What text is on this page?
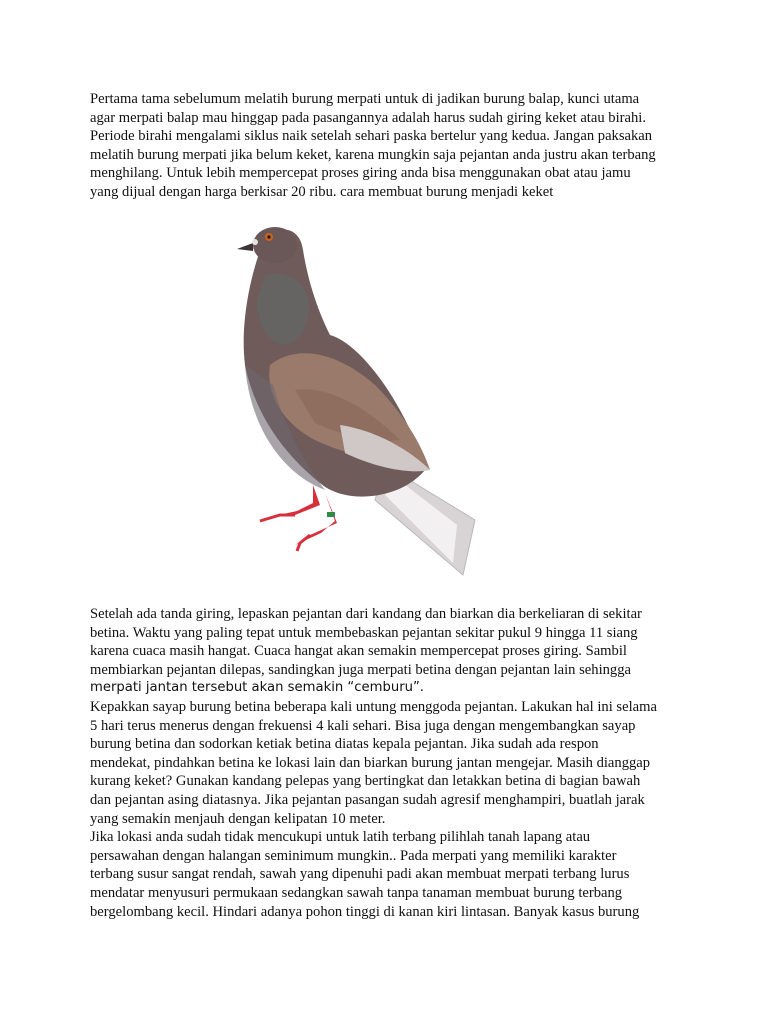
Pertama tama sebelumum melatih burung merpati untuk di jadikan burung balap, kunci utama
agar merpati balap mau hinggap pada pasangannya adalah harus sudah giring keket atau birahi.
Periode birahi mengalami siklus naik setelah sehari paska bertelur yang kedua. Jangan paksakan
melatih burung merpati jika belum keket, karena mungkin saja pejantan anda justru akan terbang
menghilang. Untuk lebih mempercepat proses giring anda bisa menggunakan obat atau jamu
yang dijual dengan harga berkisar 20 ribu. cara membuat burung menjadi keket
Setelah ada tanda giring, lepaskan pejantan dari kandang dan biarkan dia berkeliaran di sekitar
betina. Waktu yang paling tepat untuk membebaskan pejantan sekitar pukul 9 hingga 11 siang
karena cuaca masih hangat. Cuaca hangat akan semakin mempercepat proses giring. Sambil
membiarkan pejantan dilepas, sandingkan juga merpati betina dengan pejantan lain sehingga
merpati jantan tersebut akan semakin “cemburu”.
Kepakkan sayap burung betina beberapa kali untung menggoda pejantan. Lakukan hal ini selama
5 hari terus menerus dengan frekuensi 4 kali sehari. Bisa juga dengan mengembangkan sayap
burung betina dan sodorkan ketiak betina diatas kepala pejantan. Jika sudah ada respon
mendekat, pindahkan betina ke lokasi lain dan biarkan burung jantan mengejar. Masih dianggap
kurang keket? Gunakan kandang pelepas yang bertingkat dan letakkan betina di bagian bawah
dan pejantan asing diatasnya. Jika pejantan pasangan sudah agresif menghampiri, buatlah jarak
yang semakin menjauh dengan kelipatan 10 meter.
Jika lokasi anda sudah tidak mencukupi untuk latih terbang pilihlah tanah lapang atau
persawahan dengan halangan seminimum mungkin.. Pada merpati yang memiliki karakter
terbang susur sangat rendah, sawah yang dipenuhi padi akan membuat merpati terbang lurus
mendatar menyusuri permukaan sedangkan sawah tanpa tanaman membuat burung terbang
bergelombang kecil. Hindari adanya pohon tinggi di kanan kiri lintasan. Banyak kasus burung
